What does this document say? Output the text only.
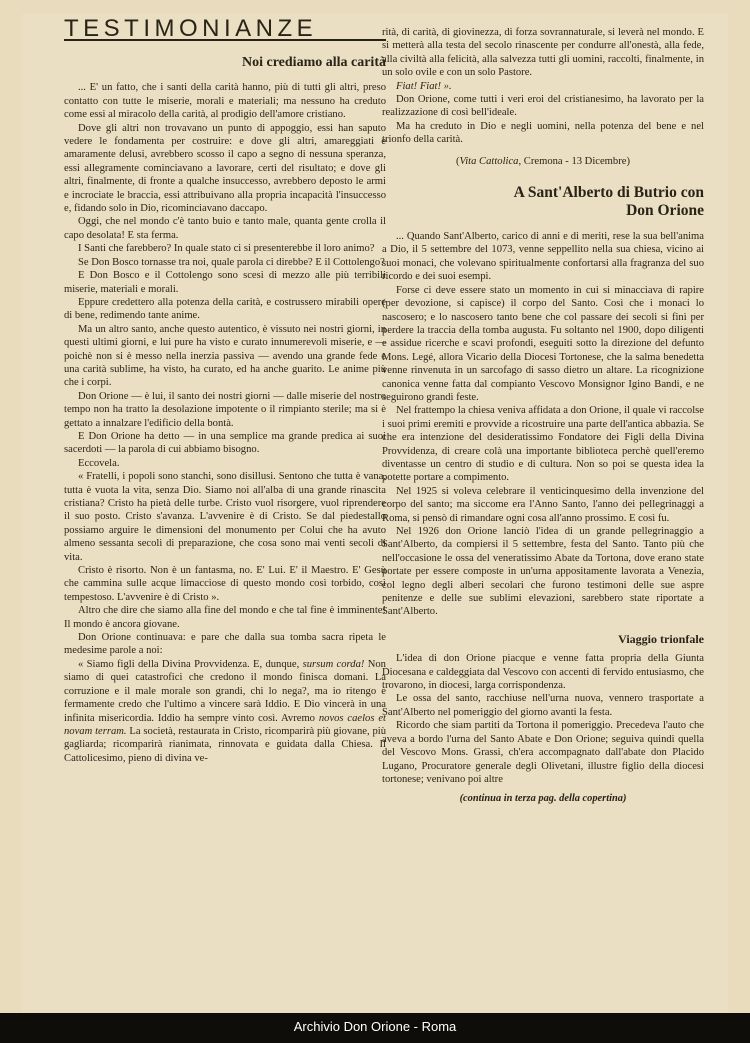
TESTIMONIANZE
Noi crediamo alla carità

... E' un fatto, che i santi della carità hanno, più di tutti gli altri, preso contatto con tutte le miserie, morali e materiali; ma nessuno ha creduto come essi al miracolo della carità, al prodigio dell'amore cristiano.

Dove gli altri non trovavano un punto di appoggio, essi han saputo vedere le fondamenta per costruire: e dove gli altri, amareggiati e amaramente delusi, avrebbero scosso il capo a segno di nessuna speranza, essi allegramente cominciavano a lavorare, certi del risultato; e dove gli altri, finalmente, di fronte a qualche insuccesso, avrebbero deposto le armi e incrociate le braccia, essi attribuivano alla propria incapacità l'insuccesso e, fidando solo in Dio, ricominciavano daccapo.

Oggi, che nel mondo c'è tanto buio e tanto male, quanta gente crolla il capo desolata! E sta ferma.

I Santi che farebbero? In quale stato ci si presenterebbe il loro animo?

Se Don Bosco tornasse tra noi, quale parola ci direbbe? E il Cottolengo?

E Don Bosco e il Cottolengo sono scesi di mezzo alle più terribili miserie, materiali e morali.

Eppure credettero alla potenza della carità, e costrussero mirabili opere di bene, redimendo tante anime.

Ma un altro santo, anche questo autentico, è vissuto nei nostri giorni, in questi ultimi giorni, e lui pure ha visto e curato innumerevoli miserie, e — poichè non si è messo nella inerzia passiva — avendo una grande fede e una carità sublime, ha visto, ha curato, ed ha anche guarito. Le anime più che i corpi.

Don Orione — è lui, il santo dei nostri giorni — dalle miserie del nostro tempo non ha tratto la desolazione impotente o il rimpianto sterile; ma si è gettato a innalzare l'edificio della bontà.

E Don Orione ha detto — in una semplice ma grande predica ai suoi sacerdoti — la parola di cui abbiamo bisogno.

Eccovela.

« Fratelli, i popoli sono stanchi, sono disillusi. Sentono che tutta è vana, tutta è vuota la vita, senza Dio. Siamo noi all'alba di una grande rinascita cristiana? Cristo ha pietà delle turbe. Cristo vuol risorgere, vuol riprendere il suo posto. Cristo s'avanza. L'avvenire è di Cristo. Se dal piedestallo possiamo arguire le dimensioni del monumento per Colui che ha avuto almeno sessanta secoli di preparazione, che cosa sono mai venti secoli di vita.

Cristo è risorto. Non è un fantasma, no. E' Lui. E' il Maestro. E' Gesù che cammina sulle acque limacciose di questo mondo così torbido, così tempestoso. L'avvenire è di Cristo ».

Altro che dire che siamo alla fine del mondo e che tal fine è imminente! Il mondo è ancora giovane.

Don Orione continuava: e pare che dalla sua tomba sacra ripeta le medesime parole a noi:

« Siamo figli della Divina Provvidenza. E, dunque, sursum corda! Non siamo di quei catastrofici che credono il mondo finisca domani. La corruzione e il male morale son grandi, chi lo nega?, ma io ritengo e fermamente credo che l'ultimo a vincere sarà Iddio. E Dio vincerà in una infinita misericordia. Iddio ha sempre vinto così. Avremo novos caelos et novam terram. La società, restaurata in Cristo, ricomparirà più giovane, più gagliarda; ricomparirà rianimata, rinnovata e guidata dalla Chiesa. Il Cattolicesimo, pieno di divina ve-

rità, di carità, di giovinezza, di forza sovrannaturale, si leverà nel mondo. E si metterà alla testa del secolo rinascente per condurre all'onestà, alla fede, alla civiltà alla felicità, alla salvezza tutti gli uomini, raccolti, finalmente, in un solo ovile e con un solo Pastore.

Fiat! Fiat! ».

Don Orione, come tutti i veri eroi del cristianesimo, ha lavorato per la realizzazione di così bell'ideale.

Ma ha creduto in Dio e negli uomini, nella potenza del bene e nel trionfo della carità.

(Vita Cattolica, Cremona - 13 Dicembre)
A Sant'Alberto di Butrio con
Don Orione

... Quando Sant'Alberto, carico di anni e di meriti, rese la sua bell'anima a Dio, il 5 settembre del 1073, venne seppellito nella sua chiesa, vicino ai suoi monaci, che volevano spiritualmente confortarsi alla fragranza del suo ricordo e dei suoi esempi.

Forse ci deve essere stato un momento in cui si minacciava di rapire (per devozione, si capisce) il corpo del Santo. Così che i monaci lo nascosero; e lo nascosero tanto bene che col passare dei secoli si finì per perdere la traccia della tomba augusta. Fu soltanto nel 1900, dopo diligenti e assidue ricerche e scavi profondi, eseguiti sotto la direzione del defunto Mons. Legé, allora Vicario della Diocesi Tortonese, che la salma benedetta venne rinvenuta in un sarcofago di sasso dietro un altare. La ricognizione canonica venne fatta dal compianto Vescovo Monsignor Igino Bandi, e ne seguirono grandi feste.

Nel frattempo la chiesa veniva affidata a don Orione, il quale vi raccolse i suoi primi eremiti e provvide a ricostruire una parte dell'antica abbazia. Se che era intenzione del desideratissimo Fondatore dei Figli della Divina Provvidenza, di creare colà una importante biblioteca perchè quell'eremo diventasse un centro di studio e di cultura. Non so poi se questa idea la potette portare a compimento.

Nel 1925 si voleva celebrare il venticinquesimo della invenzione del corpo del santo; ma siccome era l'Anno Santo, l'anno dei pellegrinaggi a Roma, si pensò di rimandare ogni cosa all'anno prossimo. E così fu.

Nel 1926 don Orione lanciò l'idea di un grande pellegrinaggio a Sant'Alberto, da compiersi il 5 settembre, festa del Santo. Tanto più che nell'occasione le ossa del veneratissimo Abate da Tortona, dove erano state portate per essere composte in un'urna appositamente lavorata a Venezia, col legno degli alberi secolari che furono testimoni delle sue aspre penitenze e delle sue sublimi elevazioni, sarebbero state riportate a Sant'Alberto.

Viaggio trionfale

L'idea di don Orione piacque e venne fatta propria della Giunta Diocesana e caldeggiata dal Vescovo con accenti di fervido entusiasmo, che trovarono, in diocesi, larga corrispondenza.

Le ossa del santo, racchiuse nell'urna nuova, vennero trasportate a Sant'Alberto nel pomeriggio del giorno avanti la festa.

Ricordo che siam partiti da Tortona il pomeriggio. Precedeva l'auto che aveva a bordo l'urna del Santo Abate e Don Orione; seguiva quindi quella del Vescovo Mons. Grassi, ch'era accompagnato dall'abate don Placido Lugano, Procuratore generale degli Olivetani, illustre figlio della diocesi tortonese; venivano poi altre

(continua in terza pag. della copertina)
Archivio Don Orione - Roma
